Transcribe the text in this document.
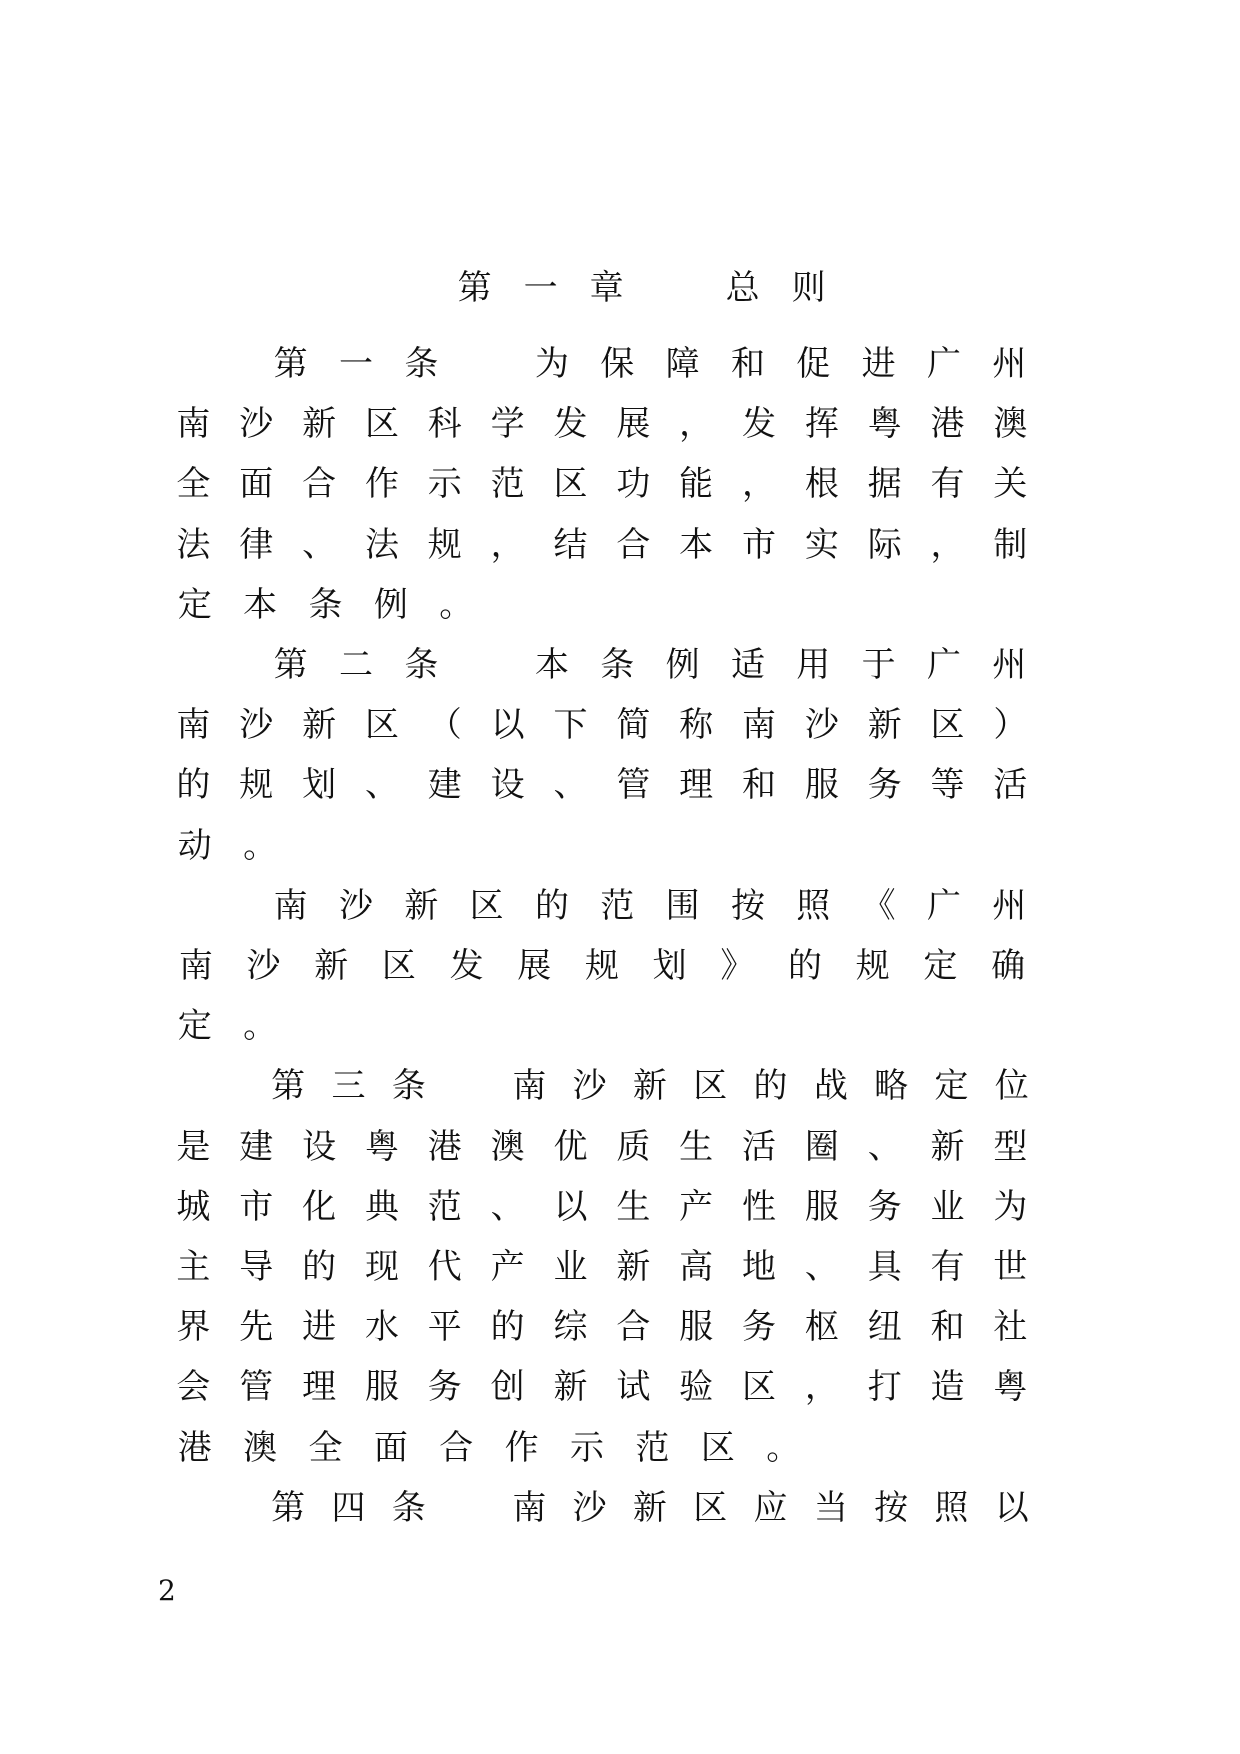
第 一 章	总 则

第 一 条
　	为 保 障 和 促 进 广 州
南 沙 新 区 科 学 发 展 ， 发 挥 粤 港 澳
全 面 合 作 示 范 区 功 能 ， 根 据 有 关
法 律 、 法 规 ， 结 合 本 市 实 际 ， 制
定 本 条 例 。
第 二 条
　	本 条 例 适 用 于 广 州
南 沙 新 区 （ 以 下 简 称 南 沙 新 区 ）
的 规 划 、 建 设 、 管 理 和 服 务 等 活
动 。
南 沙 新 区 的 范 围 按 照 《 广 州
南 沙 新 区 发 展 规 划 》 的 规 定 确
定 。
第 三 条
　	南 沙 新 区 的 战 略 定 位
是 建 设 粤 港 澳 优 质 生 活 圈 、 新 型
城 市 化 典 范 、 以 生 产 性 服 务 业 为
主 导 的 现 代 产 业 新 高 地 、 具 有 世
界 先 进 水 平 的 综 合 服 务 枢 纽 和 社
会 管 理 服 务 创 新 试 验 区 ， 打 造 粤
港 澳 全 面 合 作 示 范 区 。
第 四 条
　	南 沙 新 区 应 当 按 照 以
2
